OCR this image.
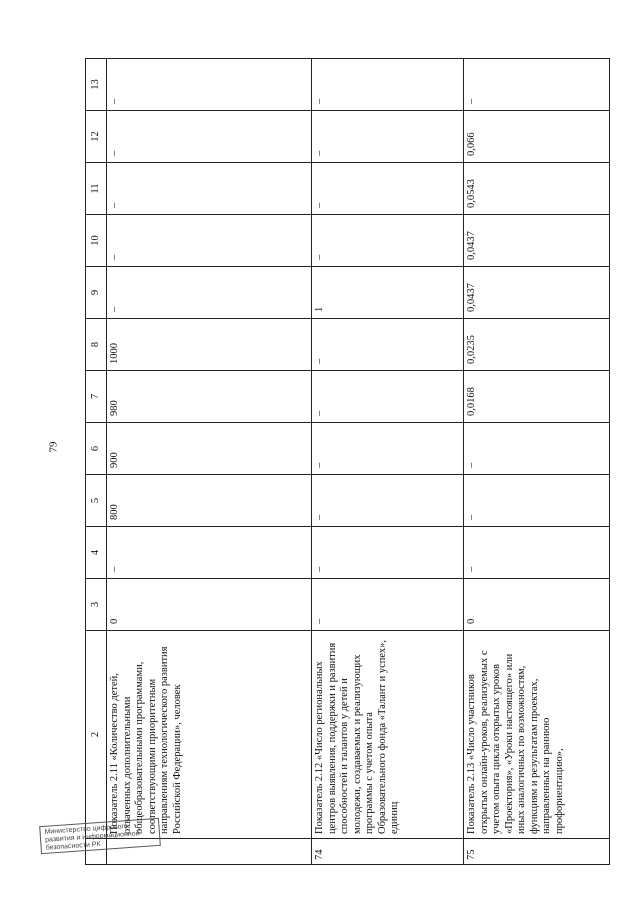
79
	2	3	4	5	6	7	8	9	10	11	12	13
	Показатель 2.11 «Количество детей, охваченных дополнительными общеобразовательными программами, соответствующими приоритетным направлениям технологического развития Российской Федерации», человек	0	–	800	900	980	1000	–	–	–	–	–
74	Показатель 2.12 «Число региональных центров выявления, поддержки и развития способностей и талантов у детей и молодежи, создаваемых и реализующих программы с учетом опыта Образовательного фонда «Талант и успех», единиц	–	–	–	–	–	–	1	–	–	–	–
75	Показатель 2.13 «Число участников открытых онлайн-уроков, реализуемых с учетом опыта цикла открытых уроков «Проектория», «Уроки настоящего» или иных аналогичных по возможностям, функциям и результатам проектах, направленных на раннюю профориентацию»,	0	–	–	–	0,0168	0,0235	0,0437	0,0437	0,0543	0,066	–
Министерство цифрового развития и информационной безопасности РК
